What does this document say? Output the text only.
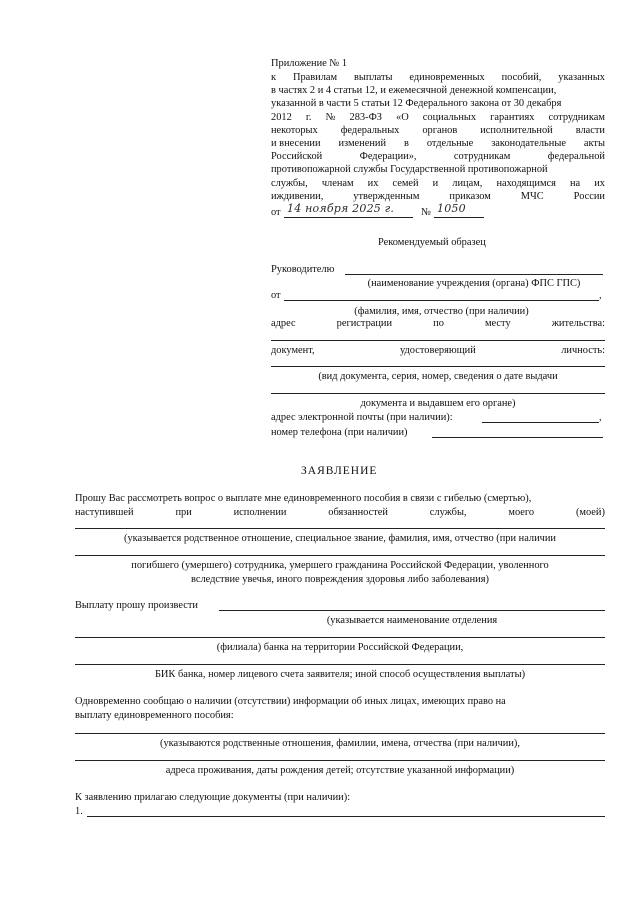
Приложение № 1
к Правилам выплаты единовременных пособий, указанных
в частях 2 и 4 статьи 12, и ежемесячной денежной компенсации,
указанной в части 5 статьи 12 Федерального закона от 30 декабря
2012 г. № 283-ФЗ «О социальных гарантиях сотрудникам
некоторых федеральных органов исполнительной власти
и внесении изменений в отдельные законодательные акты
Российской	Федерации»,	сотрудникам	федеральной
противопожарной службы Государственной противопожарной
службы, членам их семей и лицам, находящимся на их
иждивении,	утвержденным	приказом	МЧС	России
от 14 ноября 2025 г.	№ 1050
Рекомендуемый образец
Руководителю
(наименование учреждения (органа) ФПС ГПС)
от	,
(фамилия, имя, отчество (при наличии)
адрес	регистрации	по	месту	жительства:
документ,	удостоверяющий	личность:
(вид документа, серия, номер, сведения о дате выдачи
документа и выдавшем его органе)
адрес электронной почты (при наличии):	,
номер телефона (при наличии)
ЗАЯВЛЕНИЕ
Прошу Вас рассмотреть вопрос о выплате мне единовременного пособия в связи с гибелью (смертью),
наступившей	при	исполнении	обязанностей	службы,	моего	(моей)
(указывается родственное отношение, специальное звание, фамилия, имя, отчество (при наличии
погибшего (умершего) сотрудника, умершего гражданина Российской Федерации, уволенного
вследствие увечья, иного повреждения здоровья либо заболевания)
Выплату прошу произвести
(указывается наименование отделения
(филиала) банка на территории Российской Федерации,
БИК банка, номер лицевого счета заявителя; иной способ осуществления выплаты)
Одновременно сообщаю о наличии (отсутствии) информации об иных лицах, имеющих право на
выплату единовременного пособия:
(указываются родственные отношения, фамилии, имена, отчества (при наличии),
адреса проживания, даты рождения детей; отсутствие указанной информации)
К заявлению прилагаю следующие документы (при наличии):
1.
